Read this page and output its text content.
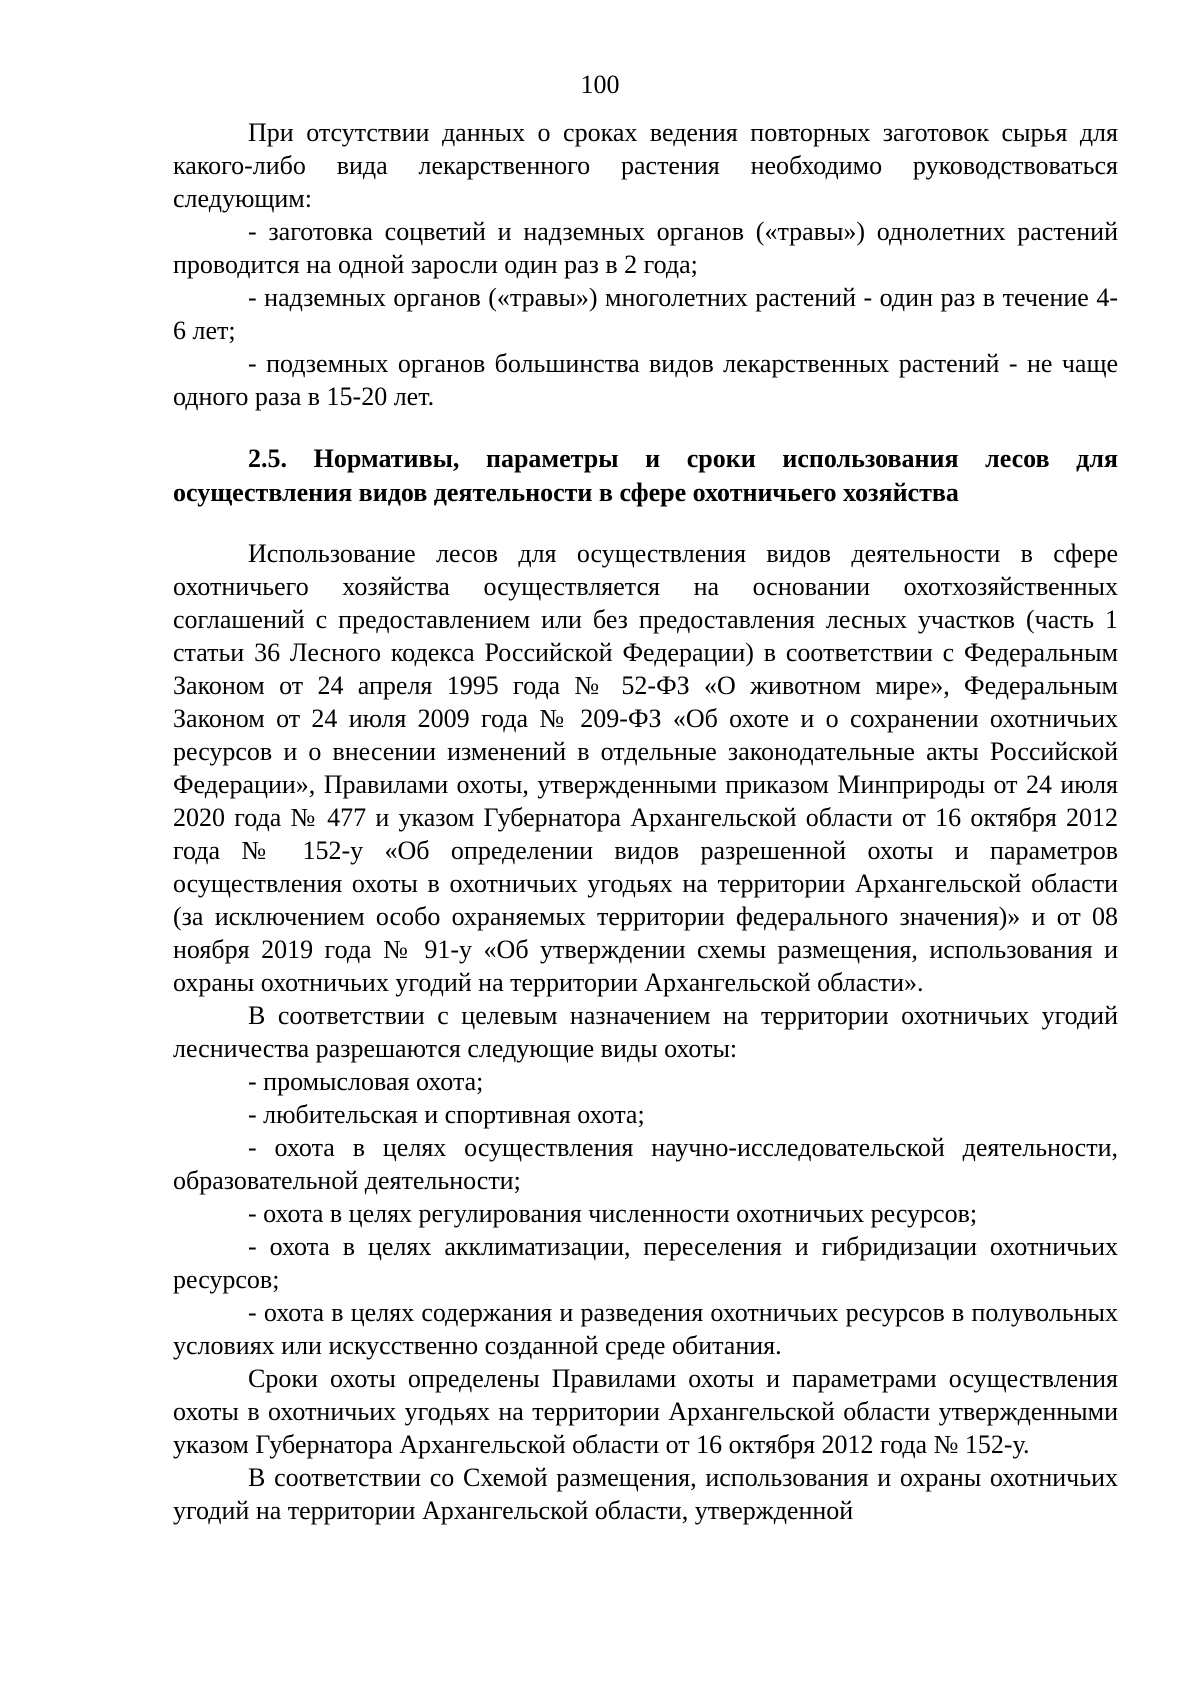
100

При отсутствии данных о сроках ведения повторных заготовок сырья для какого-либо вида лекарственного растения необходимо руководствоваться следующим:

- заготовка соцветий и надземных органов («травы») однолетних растений проводится на одной заросли один раз в 2 года;

- надземных органов («травы») многолетних растений - один раз в течение 4-6 лет;

- подземных органов большинства видов лекарственных растений - не чаще одного раза в 15-20 лет.

2.5. Нормативы, параметры и сроки использования лесов для осуществления видов деятельности в сфере охотничьего хозяйства

Использование лесов для осуществления видов деятельности в сфере охотничьего хозяйства осуществляется на основании охотхозяйственных соглашений с предоставлением или без предоставления лесных участков (часть 1 статьи 36 Лесного кодекса Российской Федерации) в соответствии с Федеральным Законом от 24 апреля 1995 года № 52-ФЗ «О животном мире», Федеральным Законом от 24 июля 2009 года № 209-ФЗ «Об охоте и о сохранении охотничьих ресурсов и о внесении изменений в отдельные законодательные акты Российской Федерации», Правилами охоты, утвержденными приказом Минприроды от 24 июля 2020 года № 477 и указом Губернатора Архангельской области от 16 октября 2012 года № 152-у «Об определении видов разрешенной охоты и параметров осуществления охоты в охотничьих угодьях на территории Архангельской области (за исключением особо охраняемых территории федерального значения)» и от 08 ноября 2019 года № 91-у «Об утверждении схемы размещения, использования и охраны охотничьих угодий на территории Архангельской области».

В соответствии с целевым назначением на территории охотничьих угодий лесничества разрешаются следующие виды охоты:

- промысловая охота;

- любительская и спортивная охота;

- охота в целях осуществления научно-исследовательской деятельности, образовательной деятельности;

- охота в целях регулирования численности охотничьих ресурсов;

- охота в целях акклиматизации, переселения и гибридизации охотничьих ресурсов;

- охота в целях содержания и разведения охотничьих ресурсов в полувольных условиях или искусственно созданной среде обитания.

Сроки охоты определены Правилами охоты и параметрами осуществления охоты в охотничьих угодьях на территории Архангельской области утвержденными указом Губернатора Архангельской области от 16 октября 2012 года № 152-у.

В соответствии со Схемой размещения, использования и охраны охотничьих угодий на территории Архангельской области, утвержденной
